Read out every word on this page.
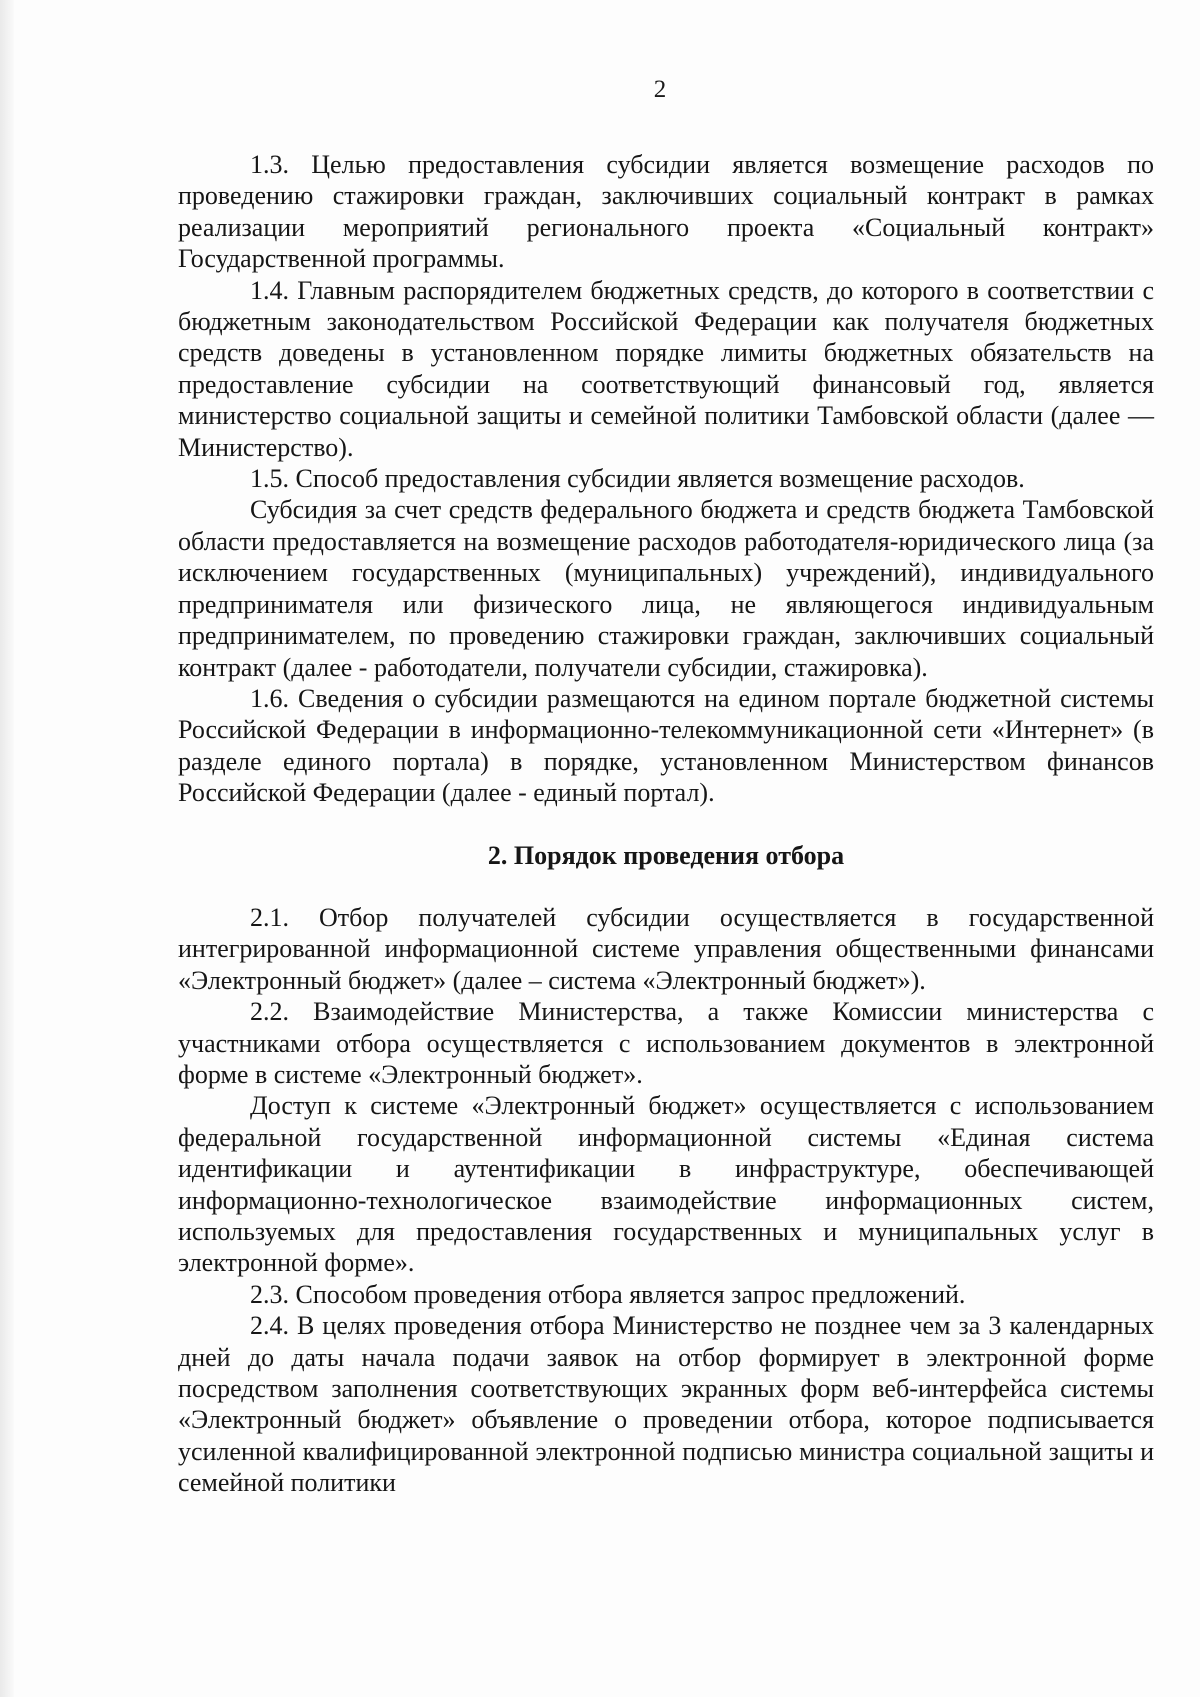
2

1.3. Целью предоставления субсидии является возмещение расходов по проведению стажировки граждан, заключивших социальный контракт в рамках реализации мероприятий регионального проекта «Социальный контракт» Государственной программы.

1.4. Главным распорядителем бюджетных средств, до которого в соответствии с бюджетным законодательством Российской Федерации как получателя бюджетных средств доведены в установленном порядке лимиты бюджетных обязательств на предоставление субсидии на соответствующий финансовый год, является министерство социальной защиты и семейной политики Тамбовской области (далее — Министерство).

1.5. Способ предоставления субсидии является возмещение расходов.

Субсидия за счет средств федерального бюджета и средств бюджета Тамбовской области предоставляется на возмещение расходов работодателя-юридического лица (за исключением государственных (муниципальных) учреждений), индивидуального предпринимателя или физического лица, не являющегося индивидуальным предпринимателем, по проведению стажировки граждан, заключивших социальный контракт (далее - работодатели, получатели субсидии, стажировка).

1.6. Сведения о субсидии размещаются на едином портале бюджетной системы Российской Федерации в информационно-телекоммуникационной сети «Интернет» (в разделе единого портала) в порядке, установленном Министерством финансов Российской Федерации (далее - единый портал).

2. Порядок проведения отбора

2.1. Отбор получателей субсидии осуществляется в государственной интегрированной информационной системе управления общественными финансами «Электронный бюджет» (далее – система «Электронный бюджет»).

2.2. Взаимодействие Министерства, а также Комиссии министерства с участниками отбора осуществляется с использованием документов в электронной форме в системе «Электронный бюджет».

Доступ к системе «Электронный бюджет» осуществляется с использованием федеральной государственной информационной системы «Единая система идентификации и аутентификации в инфраструктуре, обеспечивающей информационно-технологическое взаимодействие информационных систем, используемых для предоставления государственных и муниципальных услуг в электронной форме».

2.3. Способом проведения отбора является запрос предложений.

2.4. В целях проведения отбора Министерство не позднее чем за 3 календарных дней до даты начала подачи заявок на отбор формирует в электронной форме посредством заполнения соответствующих экранных форм веб-интерфейса системы «Электронный бюджет» объявление о проведении отбора, которое подписывается усиленной квалифицированной электронной подписью министра социальной защиты и семейной политики
